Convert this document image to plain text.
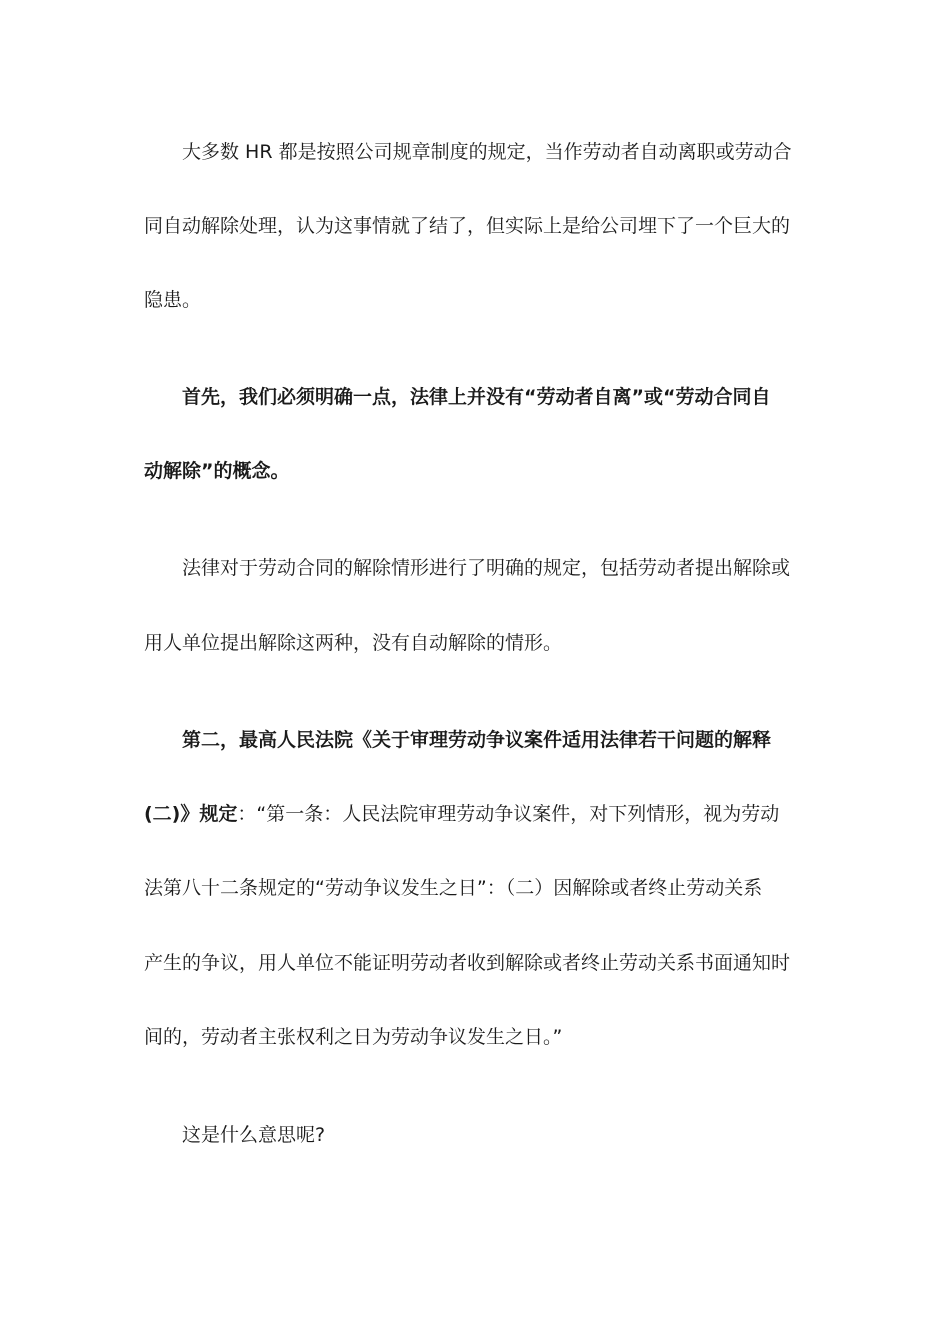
大多数 HR 都是按照公司规章制度的规定，当作劳动者自动离职或劳动合
同自动解除处理，认为这事情就了结了，但实际上是给公司埋下了一个巨大的
隐患。
首先，我们必须明确一点，法律上并没有“劳动者自离”或“劳动合同自
动解除”的概念。
法律对于劳动合同的解除情形进行了明确的规定，包括劳动者提出解除或
用人单位提出解除这两种，没有自动解除的情形。
第二，最高人民法院《关于审理劳动争议案件适用法律若干问题的解释
(二)》规定：“第一条：人民法院审理劳动争议案件，对下列情形，视为劳动
法第八十二条规定的“劳动争议发生之日”：（二）因解除或者终止劳动关系
产生的争议，用人单位不能证明劳动者收到解除或者终止劳动关系书面通知时
间的，劳动者主张权利之日为劳动争议发生之日。”
这是什么意思呢?
